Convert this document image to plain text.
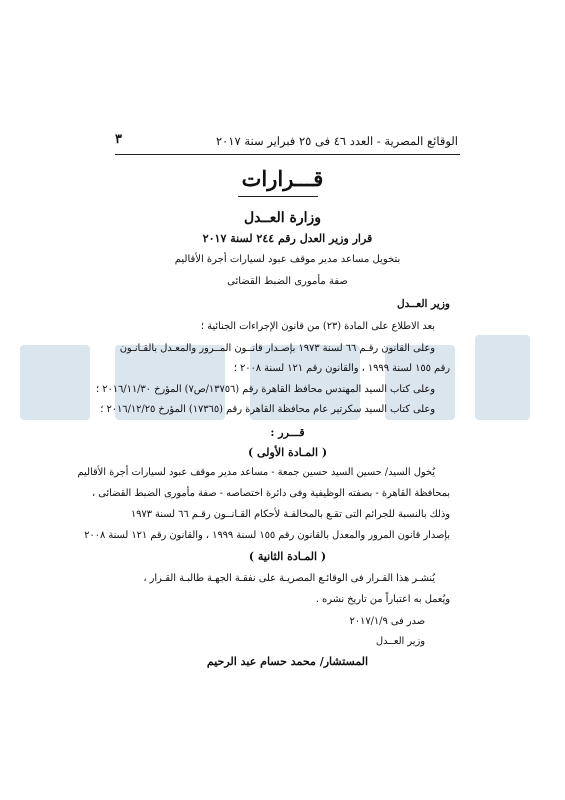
الوقائع المصرية - العدد ٤٦ فى ٢٥ فبراير سنة ٢٠١٧
٣
قـــرارات
وزارة العــدل
قرار وزير العدل رقم ٢٤٤ لسنة ٢٠١٧
بتخويل مساعد مدير موقف عبود لسيارات أجرة الأقاليم
صفة مأمورى الضبط القضائى
وزير العــدل
بعد الاطلاع على المادة (٢٣) من قانون الإجراءات الجنائية ؛
وعلى القانون رقـم ٦٦ لسنة ١٩٧٣ بإصـدار قانــون المــرور والمعـدل بالقـانـون
رقم ١٥٥ لسنة ١٩٩٩ ، والقانون رقم ١٢١ لسنة ٢٠٠٨ ؛
وعلى كتاب السيد المهندس محافظ القاهرة رقم (١٣٧٥٦/ص٧) المؤرخ ٢٠١٦/١١/٣٠ ؛
وعلى كتاب السيد سكرتير عام محافظة القاهرة رقم (١٧٣٦٥) المؤرخ ٢٠١٦/١٢/٢٥ ؛
قـــرر :
( المـادة الأولى )
يُخول السيد/ حسين السيد حسين جمعة - مساعد مدير موقف عبود لسيارات أجرة الأقاليم
بمحافظة القاهرة - بصفته الوظيفية وفى دائرة اختصاصه - صفة مأمورى الضبط القضائى ،
وذلك بالنسبة للجرائم التى تقـع بالمخالفـة لأحكام القـانــون رقـم ٦٦ لسنة ١٩٧٣
بإصدار قانون المرور والمعدل بالقانون رقم ١٥٥ لسنة ١٩٩٩ ، والقانون رقم ١٢١ لسنة ٢٠٠٨
( المـادة الثانية )
يُنشـر هذا القـرار فى الوقائـع المصريـة على نفقـة الجهـة طالبـة القـرار ،
ويُعمل به اعتباراً من تاريخ نشره .
صدر فى ٢٠١٧/١/٩
وزير العــدل
المستشار/ محمد حسام عبد الرحيم
